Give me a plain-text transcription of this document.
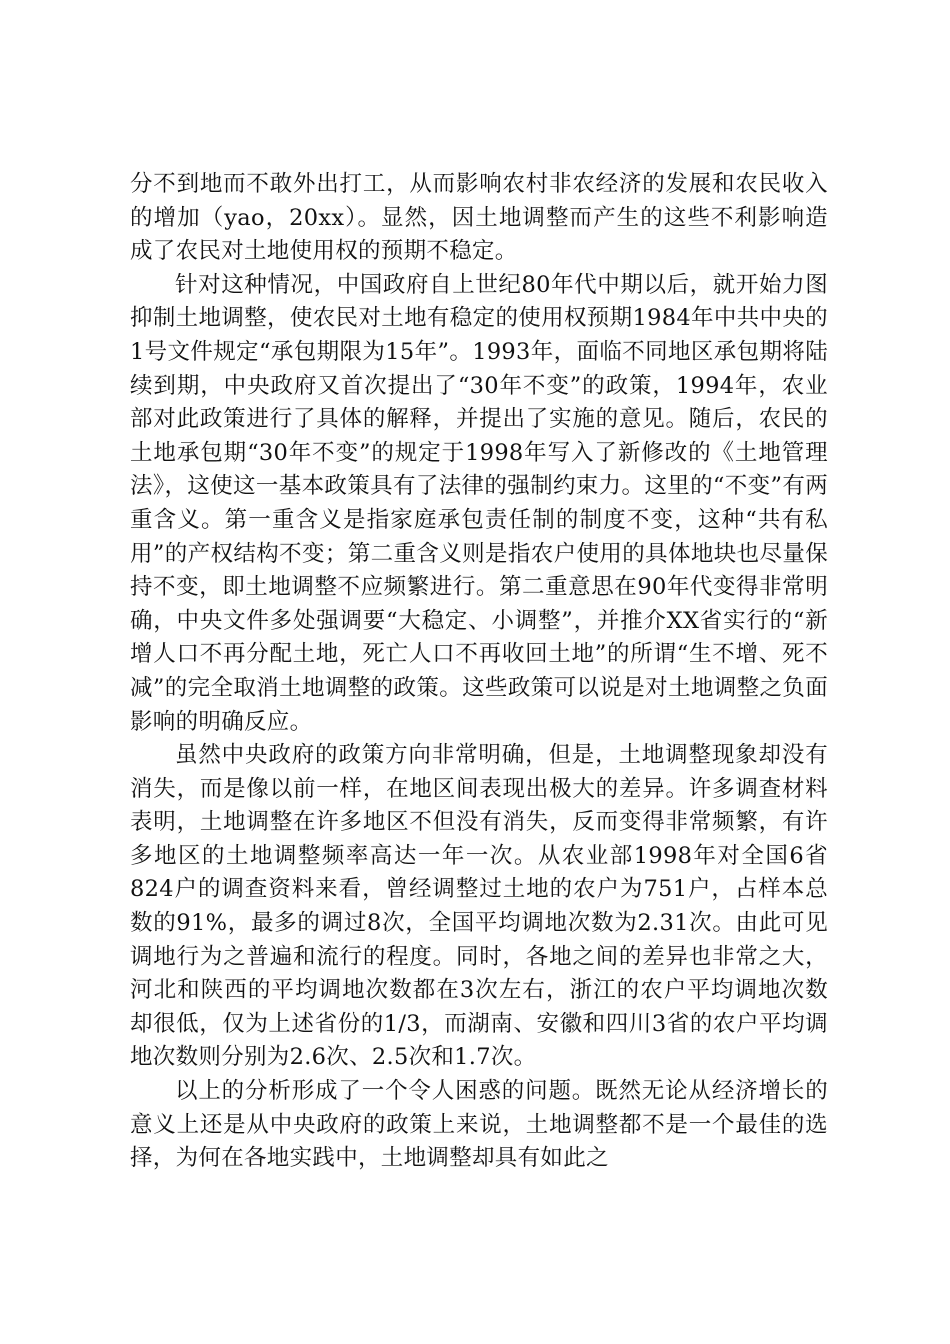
分不到地而不敢外出打工，从而影响农村非农经济的发展和农民收入的增加（yao，20xx）。显然，因土地调整而产生的这些不利影响造成了农民对土地使用权的预期不稳定。

针对这种情况，中国政府自上世纪80年代中期以后，就开始力图抑制土地调整，使农民对土地有稳定的使用权预期1984年中共中央的1号文件规定“承包期限为15年”。1993年，面临不同地区承包期将陆续到期，中央政府又首次提出了“30年不变”的政策，1994年，农业部对此政策进行了具体的解释，并提出了实施的意见。随后，农民的土地承包期“30年不变”的规定于1998年写入了新修改的《土地管理法》，这使这一基本政策具有了法律的强制约束力。这里的“不变”有两重含义。第一重含义是指家庭承包责任制的制度不变，这种“共有私用”的产权结构不变；第二重含义则是指农户使用的具体地块也尽量保持不变，即土地调整不应频繁进行。第二重意思在90年代变得非常明确，中央文件多处强调要“大稳定、小调整”，并推介XX省实行的“新增人口不再分配土地，死亡人口不再收回土地”的所谓“生不增、死不减”的完全取消土地调整的政策。这些政策可以说是对土地调整之负面影响的明确反应。

虽然中央政府的政策方向非常明确，但是，土地调整现象却没有消失，而是像以前一样，在地区间表现出极大的差异。许多调查材料表明，土地调整在许多地区不但没有消失，反而变得非常频繁，有许多地区的土地调整频率高达一年一次。从农业部1998年对全国6省824户的调查资料来看，曾经调整过土地的农户为751户，占样本总数的91%，最多的调过8次，全国平均调地次数为2.31次。由此可见调地行为之普遍和流行的程度。同时，各地之间的差异也非常之大，河北和陕西的平均调地次数都在3次左右，浙江的农户平均调地次数却很低，仅为上述省份的1/3，而湖南、安徽和四川3省的农户平均调地次数则分别为2.6次、2.5次和1.7次。

以上的分析形成了一个令人困惑的问题。既然无论从经济增长的意义上还是从中央政府的政策上来说，土地调整都不是一个最佳的选择，为何在各地实践中，土地调整却具有如此之
